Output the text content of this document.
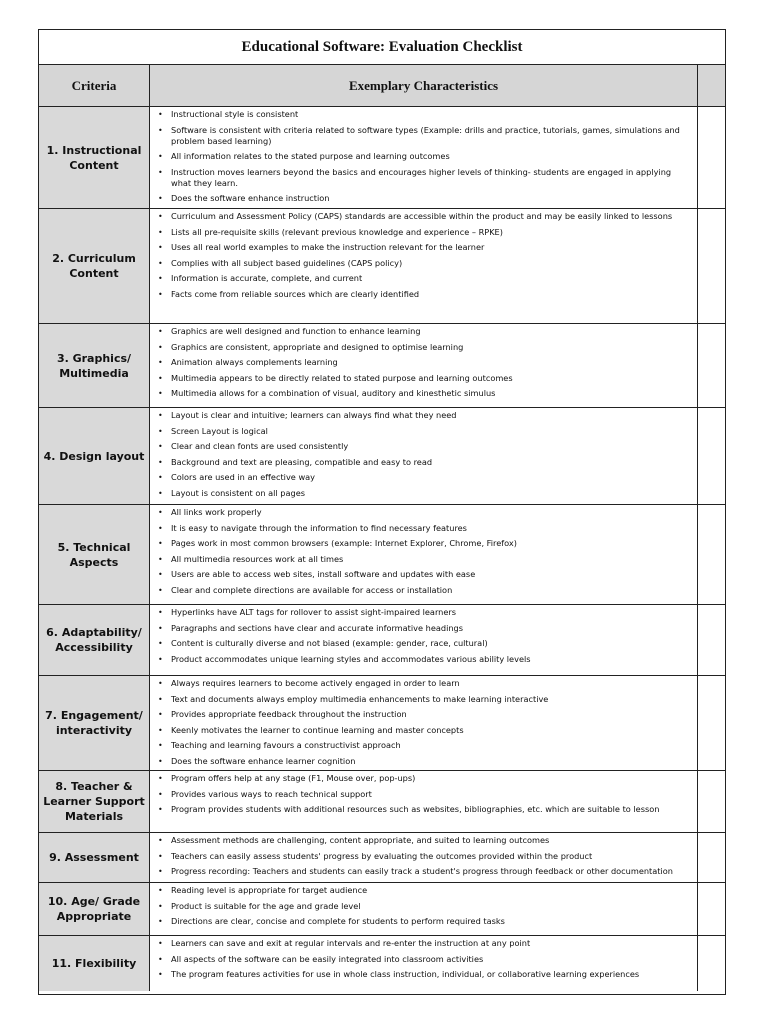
Educational Software: Evaluation Checklist
Criteria	Exemplary Characteristics
1. Instructional Content
• Instructional style is consistent
• Software is consistent with criteria related to software types (Example: drills and practice, tutorials, games, simulations and problem based learning)
• All information relates to the stated purpose and learning outcomes
• Instruction moves learners beyond the basics and encourages higher levels of thinking- students are engaged in applying what they learn.
• Does the software enhance instruction
2. Curriculum Content
• Curriculum and Assessment Policy (CAPS) standards are accessible within the product and may be easily linked to lessons
• Lists all pre-requisite skills (relevant previous knowledge and experience – RPKE)
• Uses all real world examples to make the instruction relevant for the learner
• Complies with all subject based guidelines (CAPS policy)
• Information is accurate, complete, and current
• Facts come from reliable sources which are clearly identified
3. Graphics/ Multimedia
• Graphics are well designed and function to enhance learning
• Graphics are consistent, appropriate and designed to optimise learning
• Animation always complements learning
• Multimedia appears to be directly related to stated purpose and learning outcomes
• Multimedia allows for a combination of visual, auditory and kinesthetic simulus
4. Design layout
• Layout is clear and intuitive; learners can always find what they need
• Screen Layout is logical
• Clear and clean fonts are used consistently
• Background and text are pleasing, compatible and easy to read
• Colors are used in an effective way
• Layout is consistent on all pages
5. Technical Aspects
• All links work properly
• It is easy to navigate through the information to find necessary features
• Pages work in most common browsers (example: Internet Explorer, Chrome, Firefox)
• All multimedia resources work at all times
• Users are able to access web sites, install software and updates with ease
• Clear and complete directions are available for access or installation
6. Adaptability/ Accessibility
• Hyperlinks have ALT tags for rollover to assist sight-impaired learners
• Paragraphs and sections have clear and accurate informative headings
• Content is culturally diverse and not biased (example: gender, race, cultural)
• Product accommodates unique learning styles and accommodates various ability levels
7. Engagement/ interactivity
• Always requires learners to become actively engaged in order to learn
• Text and documents always employ multimedia enhancements to make learning interactive
• Provides appropriate feedback throughout the instruction
• Keenly motivates the learner to continue learning and master concepts
• Teaching and learning favours a constructivist approach
• Does the software enhance learner cognition
8. Teacher & Learner Support Materials
• Program offers help at any stage (F1, Mouse over, pop-ups)
• Provides various ways to reach technical support
• Program provides students with additional resources such as websites, bibliographies, etc. which are suitable to lesson
9. Assessment
• Assessment methods are challenging, content appropriate, and suited to learning outcomes
• Teachers can easily assess students' progress by evaluating the outcomes provided within the product
• Progress recording: Teachers and students can easily track a student's progress through feedback or other documentation
10. Age/ Grade Appropriate
• Reading level is appropriate for target audience
• Product is suitable for the age and grade level
• Directions are clear, concise and complete for students to perform required tasks
11. Flexibility
• Learners can save and exit at regular intervals and re-enter the instruction at any point
• All aspects of the software can be easily integrated into classroom activities
• The program features activities for use in whole class instruction, individual, or collaborative learning experiences
